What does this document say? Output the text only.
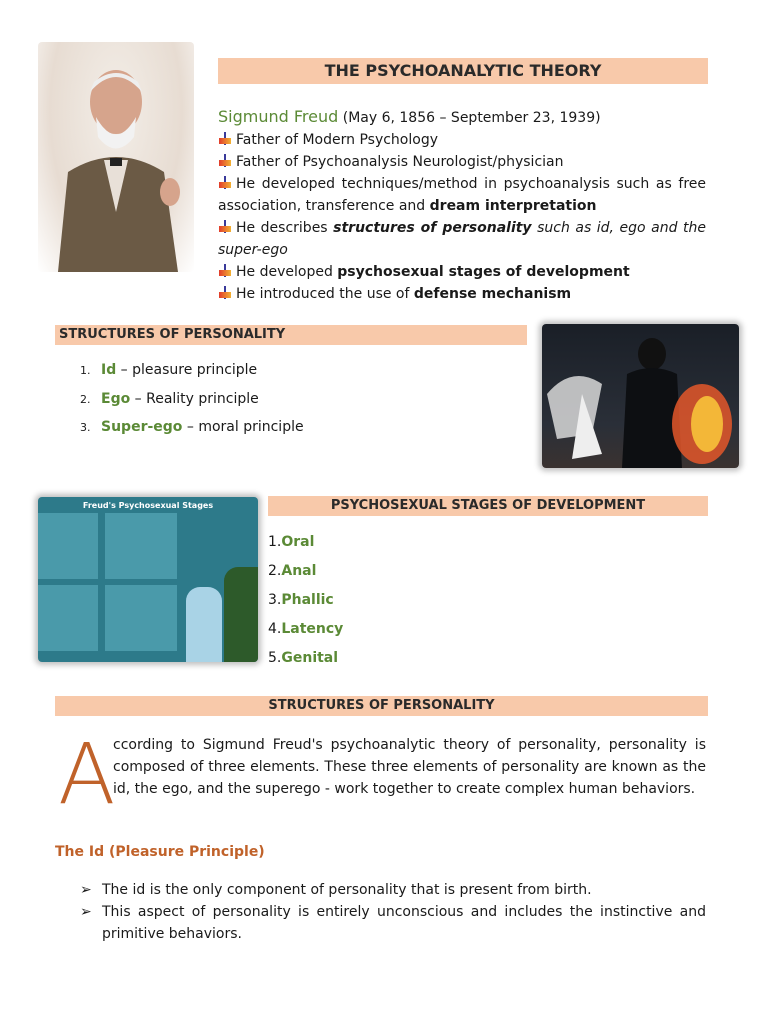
THE PSYCHOANALYTIC THEORY
Sigmund Freud (May 6, 1856 – September 23, 1939)
Father of Modern Psychology
Father of Psychoanalysis Neurologist/physician
He developed techniques/method in psychoanalysis such as free association, transference and dream interpretation
He describes structures of personality such as id, ego and the super-ego
He developed psychosexual stages of development
He introduced the use of defense mechanism
STRUCTURES OF PERSONALITY
1. Id – pleasure principle
2. Ego – Reality principle
3. Super-ego – moral principle
Freud's Psychosexual Stages	PSYCHOSEXUAL STAGES OF DEVELOPMENT
1.Oral
2.Anal
3.Phallic
4.Latency
5.Genital
STRUCTURES OF PERSONALITY
A
ccording to Sigmund Freud's psychoanalytic theory of personality, personality is composed of three elements. These three elements of personality are known as the id, the ego, and the superego - work together to create complex human behaviors.
The Id (Pleasure Principle)
➢ The id is the only component of personality that is present from birth.
➢ This aspect of personality is entirely unconscious and includes the instinctive and primitive behaviors.
